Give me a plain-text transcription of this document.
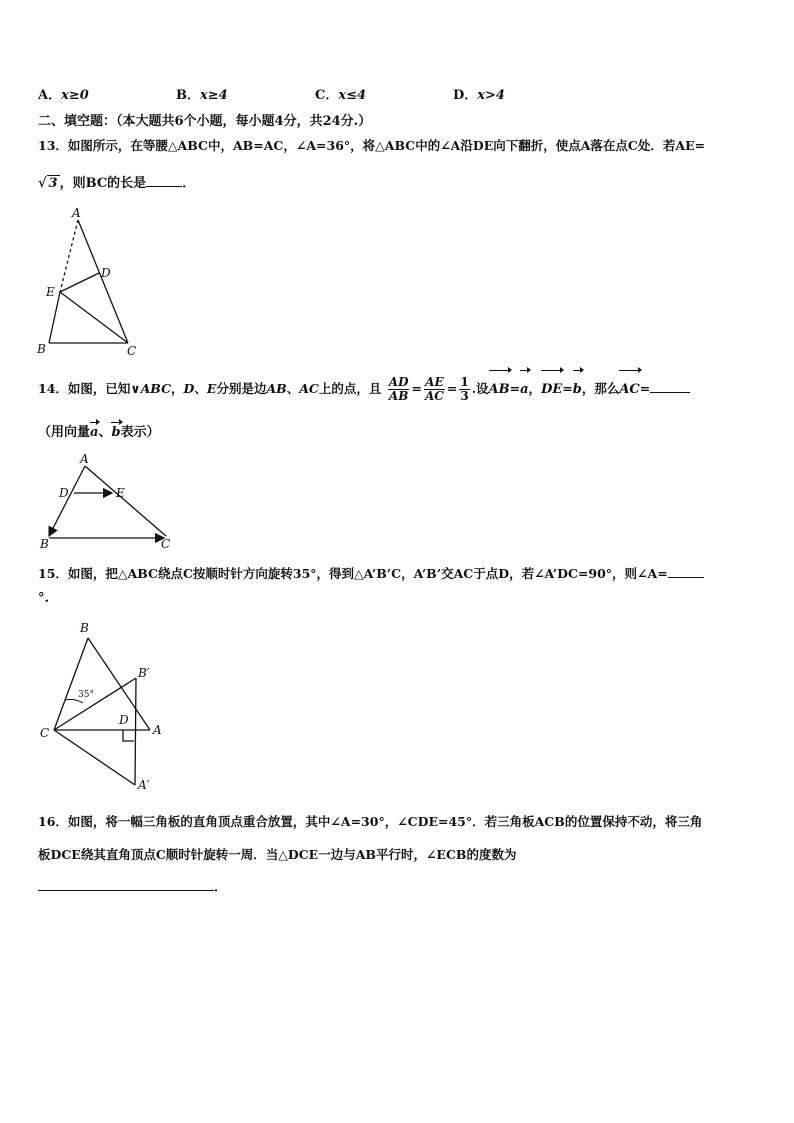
A．x≥0	B．x≥4	C．x≤4	D．x>4
二、填空题：（本大题共6个小题，每小题4分，共24分.）
13．如图所示，在等腰△ABC中，AB=AC，∠A=36°，将△ABC中的∠A沿DE向下翻折，使点A落在点C处．若AE=
√ 3 ，则BC的长是	．
A
D
E
B	C
14．如图，已知∨ABC，D、E分别是边AB、AC上的点，且 $\frac{AD}{AB} = \frac{AE}{AC} = \frac{1}{3}$ .设AB=a，DE=b，那么AC=
（用向量a、b表示）
A
D	E
B	C
15．如图，把△ABC绕点C按顺时针方向旋转35°，得到△A’B’C，A’B’交AC于点D，若∠A’DC=90°，则∠A=
°.
B
B′
35°
D
C	A
A′
16．如图，将一幅三角板的直角顶点重合放置，其中∠A=30°，∠CDE=45°．若三角板ACB的位置保持不动，将三角
板DCE绕其直角顶点C顺时针旋转一周．当△DCE一边与AB平行时，∠ECB的度数为
．
